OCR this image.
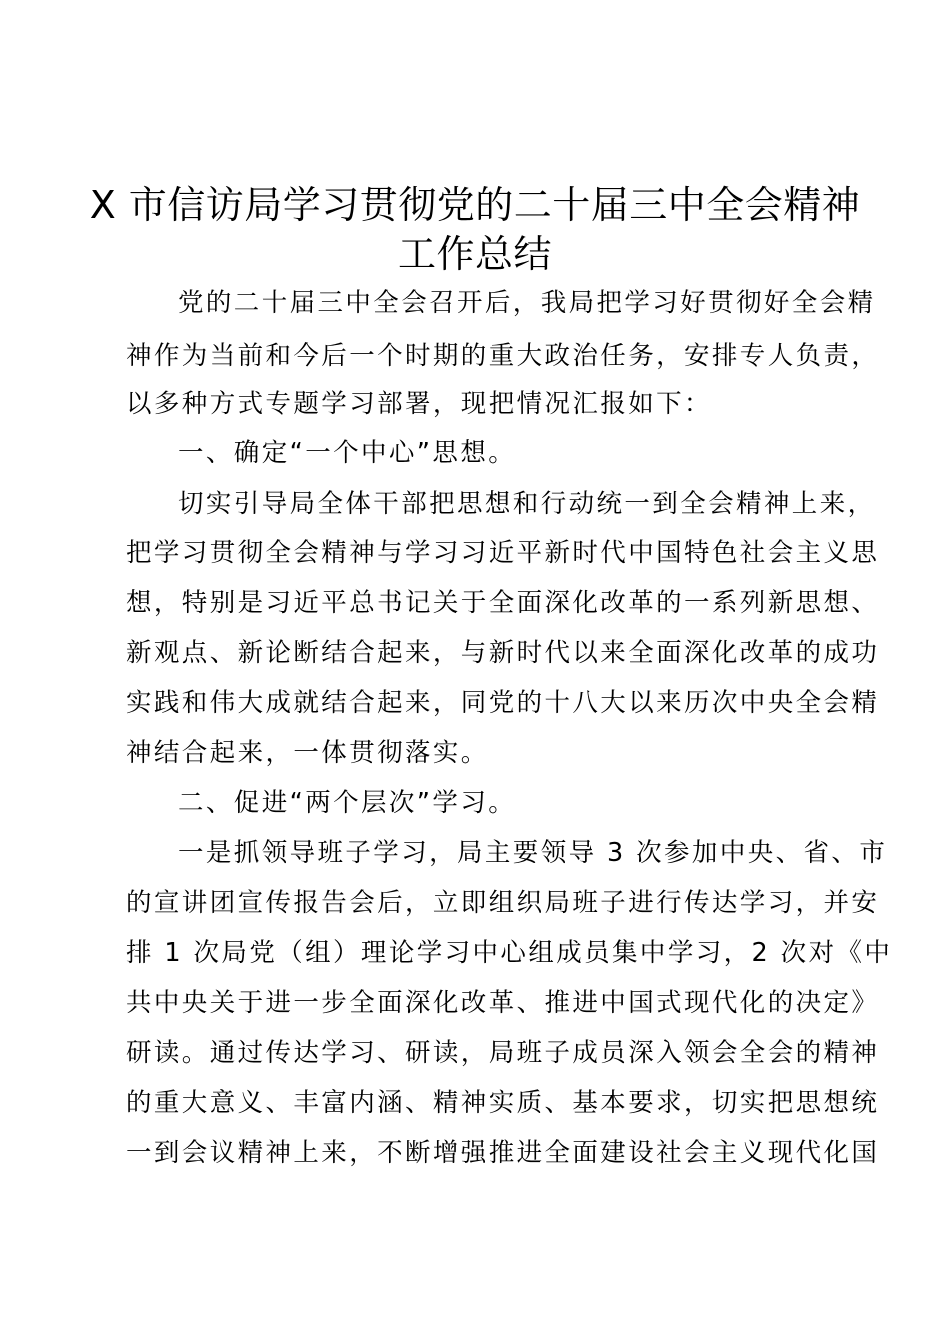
X 市信访局学习贯彻党的二十届三中全会精神
工作总结
党的二十届三中全会召开后，我局把学习好贯彻好全会精
神作为当前和今后一个时期的重大政治任务，安排专人负责，
以多种方式专题学习部署，现把情况汇报如下：
一、确定“一个中心”思想。
切实引导局全体干部把思想和行动统一到全会精神上来，
把学习贯彻全会精神与学习习近平新时代中国特色社会主义思
想，特别是习近平总书记关于全面深化改革的一系列新思想、
新观点、新论断结合起来，与新时代以来全面深化改革的成功
实践和伟大成就结合起来，同党的十八大以来历次中央全会精
神结合起来，一体贯彻落实。
二、促进“两个层次”学习。
一是抓领导班子学习，局主要领导 3 次参加中央、省、市
的宣讲团宣传报告会后，立即组织局班子进行传达学习，并安
排 1 次局党（组）理论学习中心组成员集中学习，2 次对《中
共中央关于进一步全面深化改革、推进中国式现代化的决定》
研读。通过传达学习、研读，局班子成员深入领会全会的精神
的重大意义、丰富内涵、精神实质、基本要求，切实把思想统
一到会议精神上来，不断增强推进全面建设社会主义现代化国
